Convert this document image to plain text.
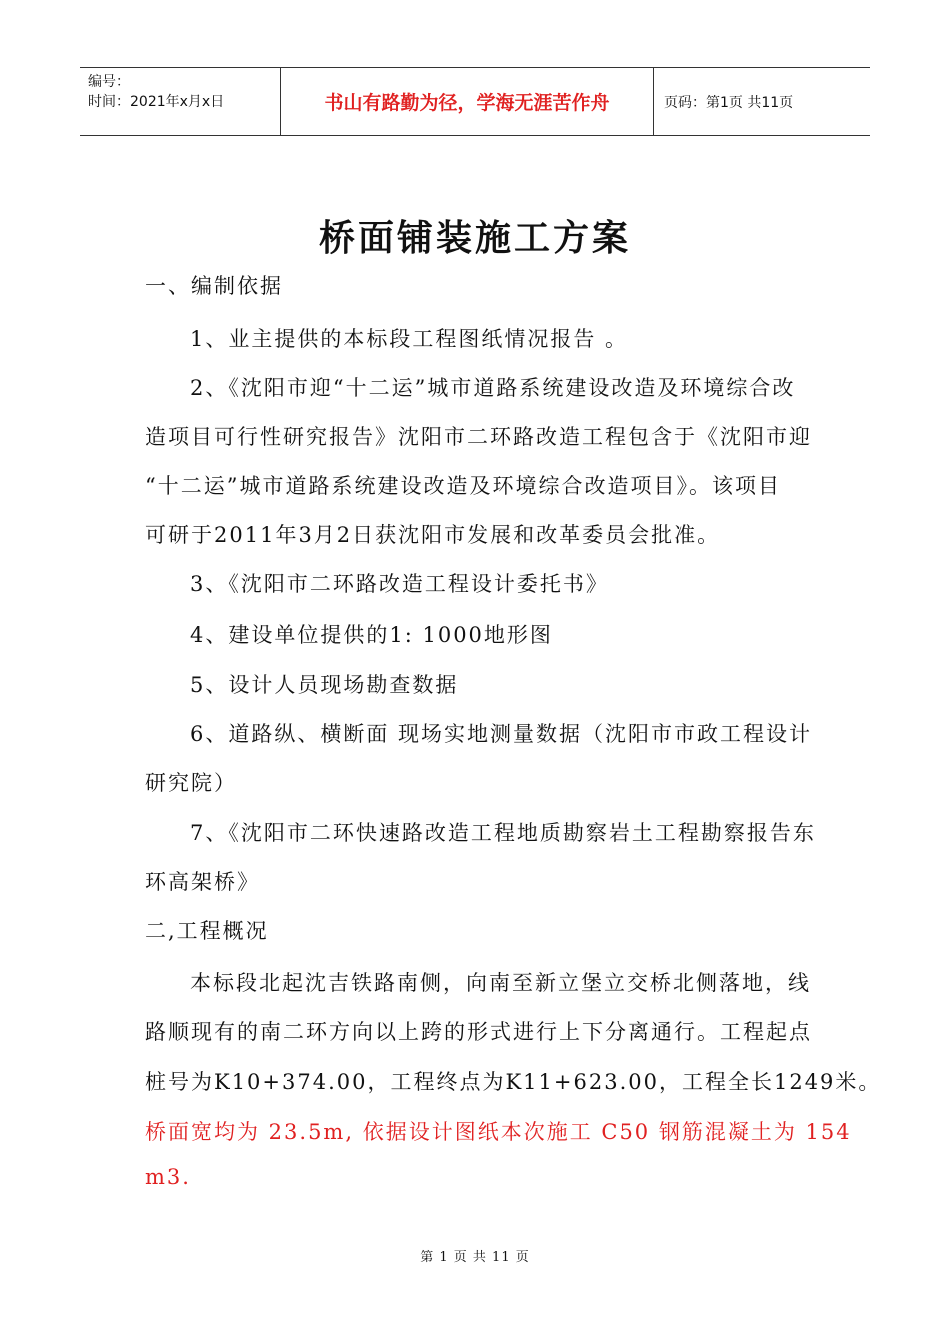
编号：
时间：2021年x月x日	书山有路勤为径，学海无涯苦作舟	页码：第1页 共11页
桥面铺装施工方案
一、编制依据
1、业主提供的本标段工程图纸情况报告 。
2、《沈阳市迎“十二运”城市道路系统建设改造及环境综合改
造项目可行性研究报告》沈阳市二环路改造工程包含于《沈阳市迎
“十二运”城市道路系统建设改造及环境综合改造项目》。该项目
可研于2011年3月2日获沈阳市发展和改革委员会批准。
3、《沈阳市二环路改造工程设计委托书》
4、建设单位提供的1: 1000地形图
5、设计人员现场勘查数据
6、道路纵、横断面 现场实地测量数据（沈阳市市政工程设计
研究院）
7、《沈阳市二环快速路改造工程地质勘察岩土工程勘察报告东
环高架桥》
二,工程概况
本标段北起沈吉铁路南侧，向南至新立堡立交桥北侧落地，线
路顺现有的南二环方向以上跨的形式进行上下分离通行。工程起点
桩号为K10+374.00，工程终点为K11+623.00，工程全长1249米。
桥面宽均为 23.5m, 依据设计图纸本次施工 C50 钢筋混凝土为 154
m3.
第 1 页 共 11 页
